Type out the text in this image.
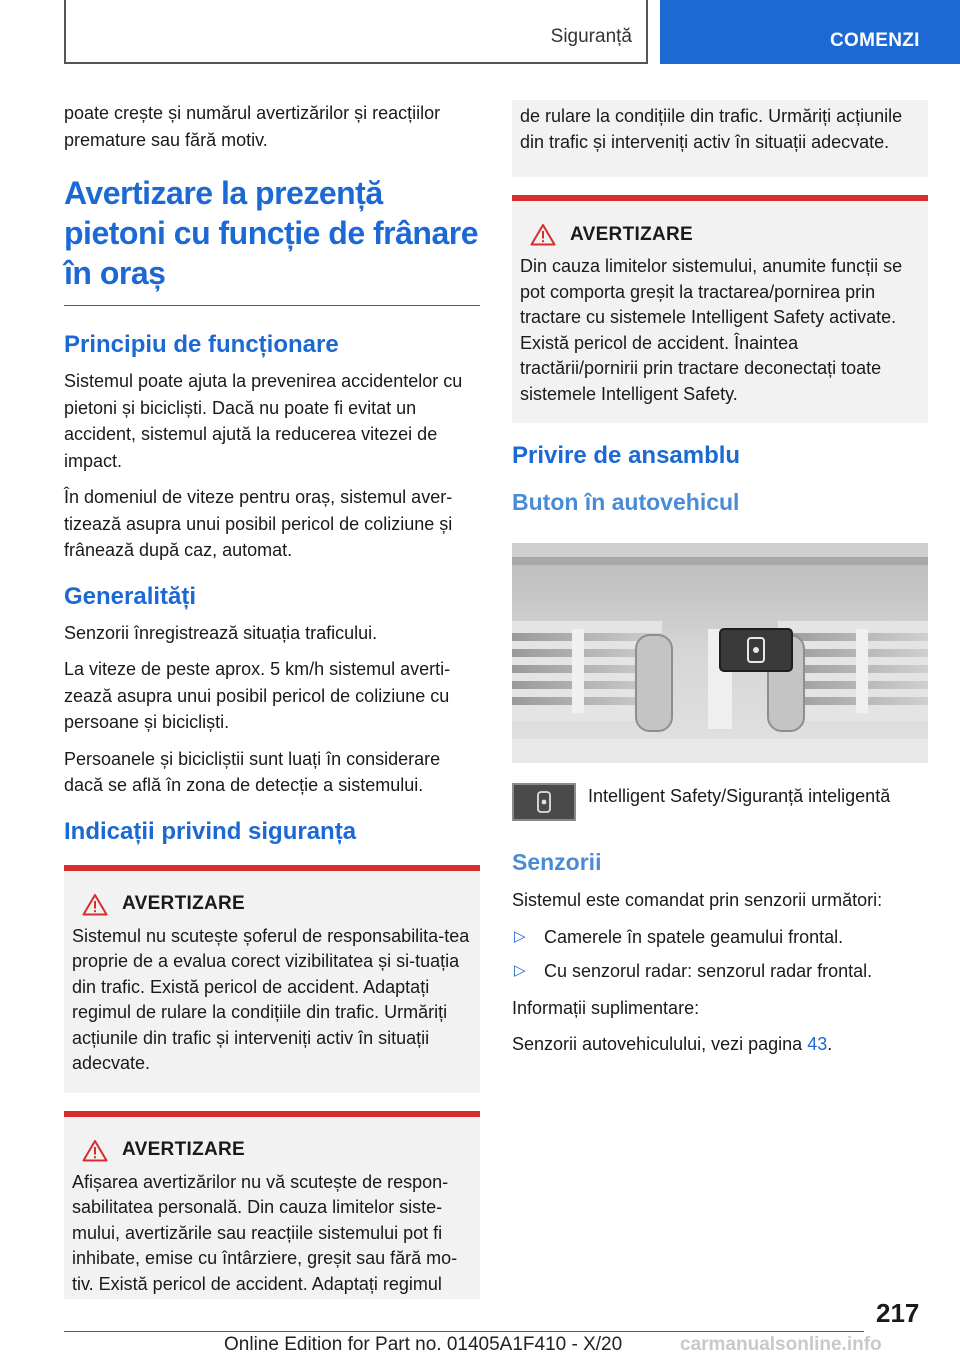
Siguranță	COMENZI

poate crește și numărul avertizărilor și reacțiilor premature sau fără motiv.

Avertizare la prezență pietoni cu funcție de frânare în oraș
Principiu de funcționare

Sistemul poate ajuta la prevenirea accidentelor cu pietoni și bicicliști. Dacă nu poate fi evitat un accident, sistemul ajută la reducerea vitezei de impact.

În domeniul de viteze pentru oraș, sistemul aver‐tizează asupra unui posibil pericol de coliziune și frânează după caz, automat.

Generalități

Senzorii înregistrează situația traficului.

La viteze de peste aprox. 5 km/h sistemul averti‐zează asupra unui posibil pericol de coliziune cu persoane și bicicliști.

Persoanele și bicicliștii sunt luați în considerare dacă se află în zona de detecție a sistemului.

Indicații privind siguranța
AVERTIZARE

Sistemul nu scutește șoferul de responsabilita‐tea proprie de a evalua corect vizibilitatea și si‐tuația din trafic. Există pericol de accident. Adaptați regimul de rulare la condițiile din trafic. Urmăriți acțiunile din trafic și interveniți activ în situații adecvate.

AVERTIZARE

Afișarea avertizărilor nu vă scutește de respon‐sabilitatea personală. Din cauza limitelor siste‐mului, avertizările sau reacțiile sistemului pot fi inhibate, emise cu întârziere, greșit sau fără mo‐tiv. Există pericol de accident. Adaptați regimul

de rulare la condițiile din trafic. Urmăriți acțiunile din trafic și interveniți activ în situații adecvate.

AVERTIZARE

Din cauza limitelor sistemului, anumite funcții se pot comporta greșit la tractarea/pornirea prin tractare cu sistemele Intelligent Safety activate. Există pericol de accident. Înaintea tractării/pornirii prin tractare deconectați toate sistemele Intelligent Safety.

Privire de ansamblu
Buton în autovehicul

Intelligent Safety/Siguranță inteligentă

Senzorii

Sistemul este comandat prin senzorii următori:

▷	Camerele în spatele geamului frontal.
▷	Cu senzorul radar: senzorul radar frontal.

Informații suplimentare:

Senzorii autovehiculului, vezi pagina 43.

217
Online Edition for Part no. 01405A1F410 - X/20	carmanualsonline.info
